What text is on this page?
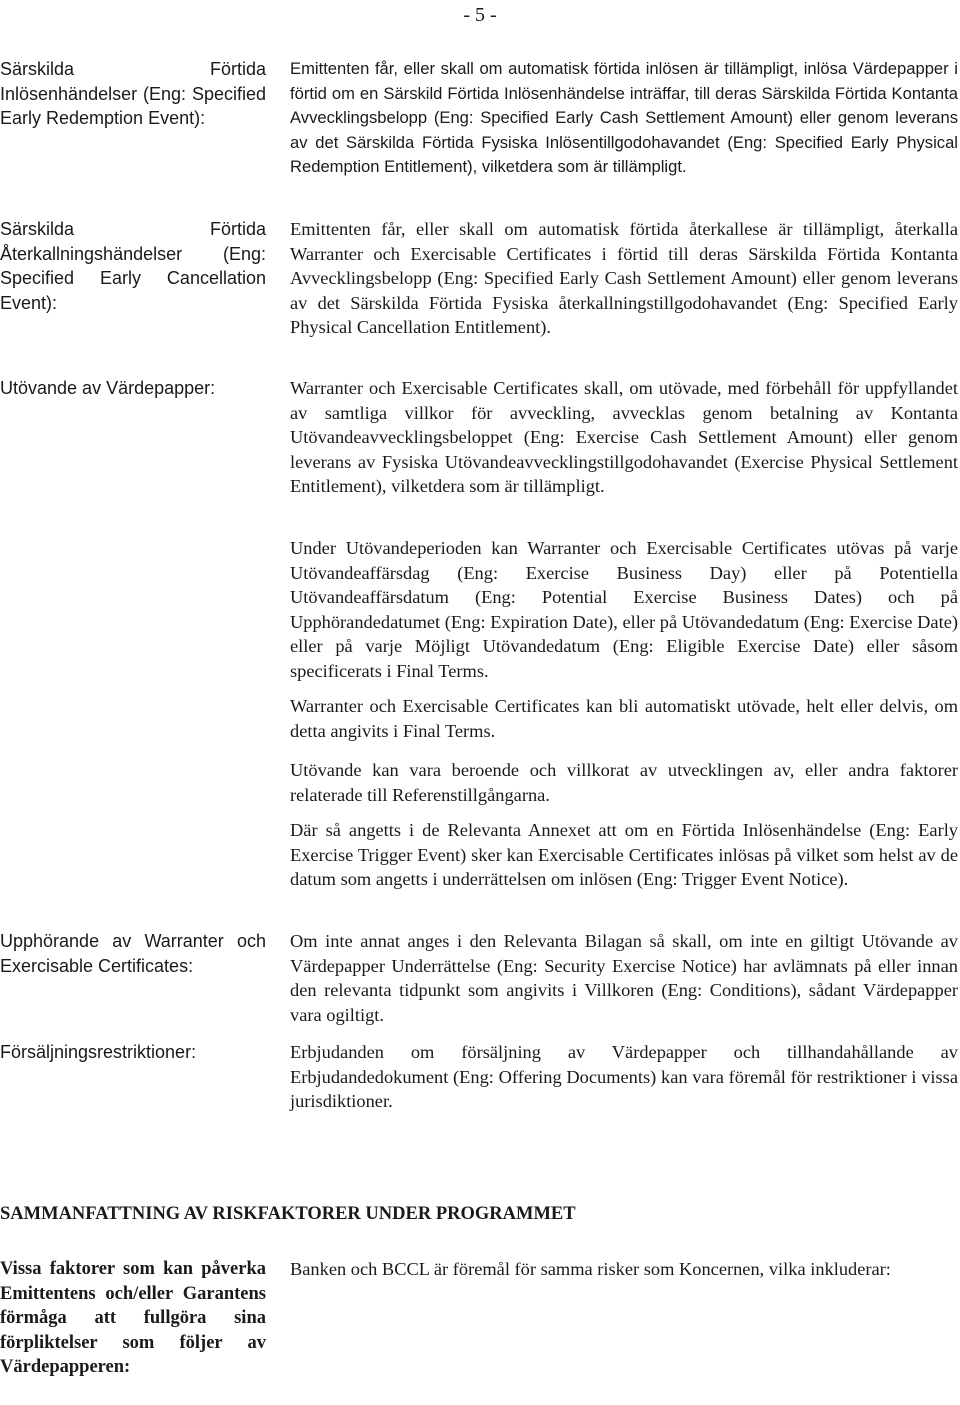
- 5 -
Särskilda Förtida Inlösenhändelser (Eng: Specified Early Redemption Event):
Emittenten får, eller skall om automatisk förtida inlösen är tillämpligt, inlösa Värdepapper i förtid om en Särskild Förtida Inlösenhändelse inträffar, till deras Särskilda Förtida Kontanta Avvecklingsbelopp (Eng: Specified Early Cash Settlement Amount) eller genom leverans av det Särskilda Förtida Fysiska Inlösentillgodohavandet (Eng: Specified Early Physical Redemption Entitlement), vilketdera som är tillämpligt.
Särskilda Förtida Återkallningshändelser (Eng: Specified Early Cancellation Event):
Emittenten får, eller skall om automatisk förtida återkallese är tillämpligt, återkalla Warranter och Exercisable Certificates i förtid till deras Särskilda Förtida Kontanta Avvecklingsbelopp (Eng: Specified Early Cash Settlement Amount) eller genom leverans av det Särskilda Förtida Fysiska återkallningstillgodohavandet (Eng: Specified Early Physical Cancellation Entitlement).
Utövande av Värdepapper:	Warranter och Exercisable Certificates skall, om utövade, med förbehåll för uppfyllandet av samtliga villkor för avveckling, avvecklas genom betalning av Kontanta Utövandeavvecklingsbeloppet (Eng: Exercise Cash Settlement Amount) eller genom leverans av Fysiska Utövandeavvecklingstillgodohavandet (Exercise Physical Settlement Entitlement), vilketdera som är tillämpligt.
Under Utövandeperioden kan Warranter och Exercisable Certificates utövas på varje Utövandeaffärsdag (Eng: Exercise Business Day) eller på Potentiella Utövandeaffärsdatum (Eng: Potential Exercise Business Dates) och på Upphörandedatumet (Eng: Expiration Date), eller på Utövandedatum (Eng: Exercise Date) eller på varje Möjligt Utövandedatum (Eng: Eligible Exercise Date) eller såsom specificerats i Final Terms.
Warranter och Exercisable Certificates kan bli automatiskt utövade, helt eller delvis, om detta angivits i Final Terms.
Utövande kan vara beroende och villkorat av utvecklingen av, eller andra faktorer relaterade till Referenstillgångarna.
Där så angetts i de Relevanta Annexet att om en Förtida Inlösenhändelse (Eng: Early Exercise Trigger Event) sker kan Exercisable Certificates inlösas på vilket som helst av de datum som angetts i underrättelsen om inlösen (Eng: Trigger Event Notice).
Upphörande av Warranter och Exercisable Certificates:
Om inte annat anges i den Relevanta Bilagan så skall, om inte en giltigt Utövande av Värdepapper Underrättelse (Eng: Security Exercise Notice) har avlämnats på eller innan den relevanta tidpunkt som angivits i Villkoren (Eng: Conditions), sådant Värdepapper vara ogiltigt.
Försäljningsrestriktioner:	Erbjudanden om försäljning av Värdepapper och tillhandahållande av Erbjudandedokument (Eng: Offering Documents) kan vara föremål för restriktioner i vissa jurisdiktioner.
SAMMANFATTNING AV RISKFAKTORER UNDER PROGRAMMET
Vissa faktorer som kan påverka Emittentens och/eller Garantens förmåga att fullgöra sina förpliktelser som följer av Värdepapperen:
Banken och BCCL är föremål för samma risker som Koncernen, vilka inkluderar:
